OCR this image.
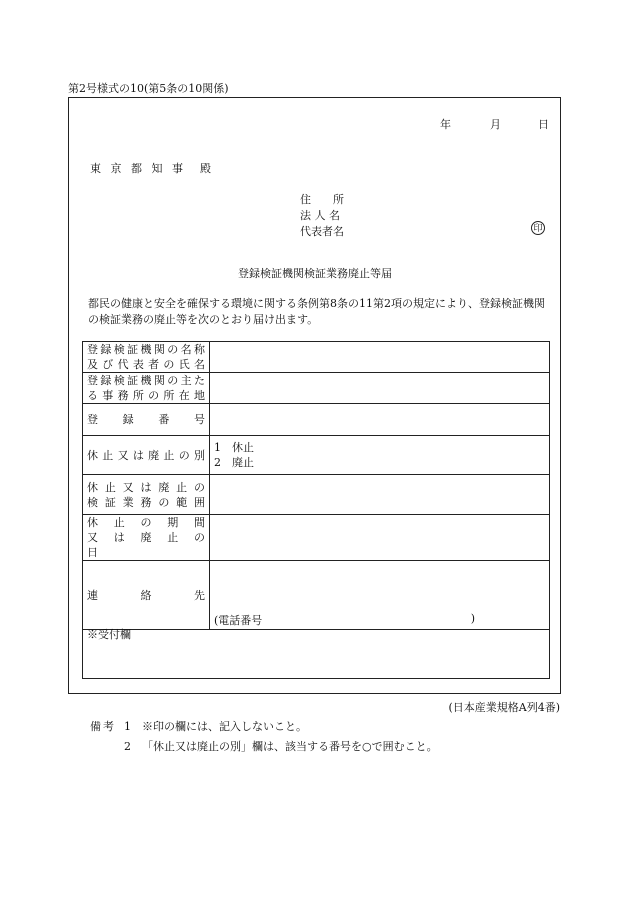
第2号様式の10(第5条の10関係)
年	月	日
東 京 都 知 事　殿
住　　所
法 人 名
代表者名	印
登録検証機関検証業務廃止等届
都民の健康と安全を確保する環境に関する条例第8条の11第2項の規定により、登録検証機関の検証業務の廃止等を次のとおり届け出ます。
登録検証機関の名称
及び代表者の氏名	

登録検証機関の主た
る事務所の所在地	

登　録　番　号	

休止又は廃止の別	1　休止
2　廃止

休止又は廃止の
検証業務の範囲	

休　止　の　期　間
又　は　廃　止　の　日	

連　　絡　　先	(電話番号 )
※受付欄
(日本産業規格A列4番)
備考 1 ※印の欄には、記入しないこと。
2 「休止又は廃止の別」欄は、該当する番号を○で囲むこと。
